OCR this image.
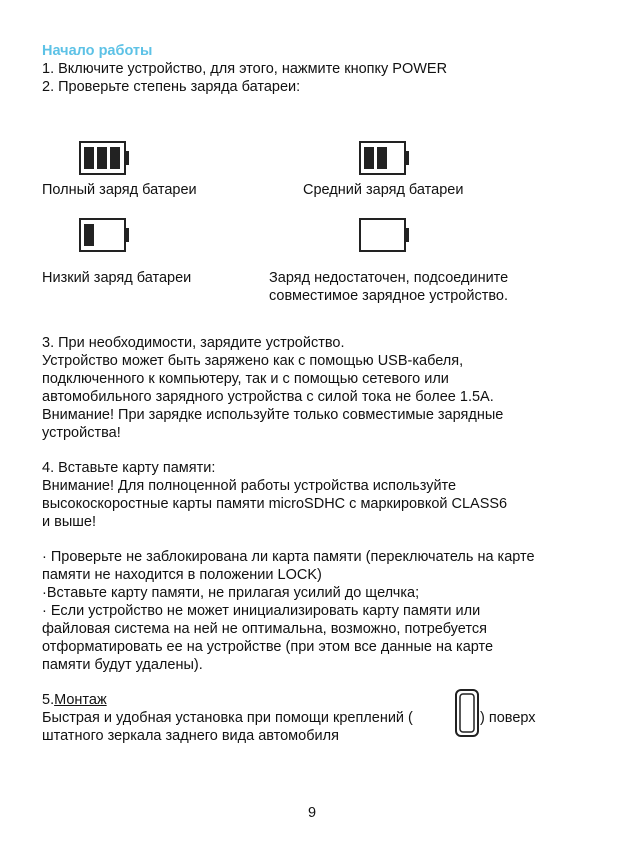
Начало работы
1. Включите устройство, для этого, нажмите кнопку POWER
2. Проверьте степень заряда батареи:
Полный заряд батареи	Средний заряд батареи
Низкий заряд батареи	Заряд недостаточен, подсоедините
совместимое зарядное устройство.
3. При необходимости, зарядите устройство.
Устройство может быть заряжено как с помощью USB-кабеля,
подключенного к компьютеру, так и с помощью сетевого или
автомобильного зарядного устройства с силой тока не более 1.5A.
Внимание! При зарядке используйте только совместимые зарядные
устройства!
4. Вставьте карту памяти:
Внимание! Для полноценной работы устройства используйте
высокоскоростные карты памяти microSDHC с маркировкой CLASS6
и выше!
· Проверьте не заблокирована ли карта памяти (переключатель на карте
памяти не находится в положении LOCK)
·Вставьте карту памяти, не прилагая усилий до щелчка;
· Если устройство не может инициализировать карту памяти или
файловая система на ней не оптимальна, возможно, потребуется
отформатировать ее на устройстве (при этом все данные на карте
памяти будут удалены).
5.Монтаж
Быстрая и удобная установка при помощи креплений (	) поверх
штатного зеркала заднего вида автомобиля
9
